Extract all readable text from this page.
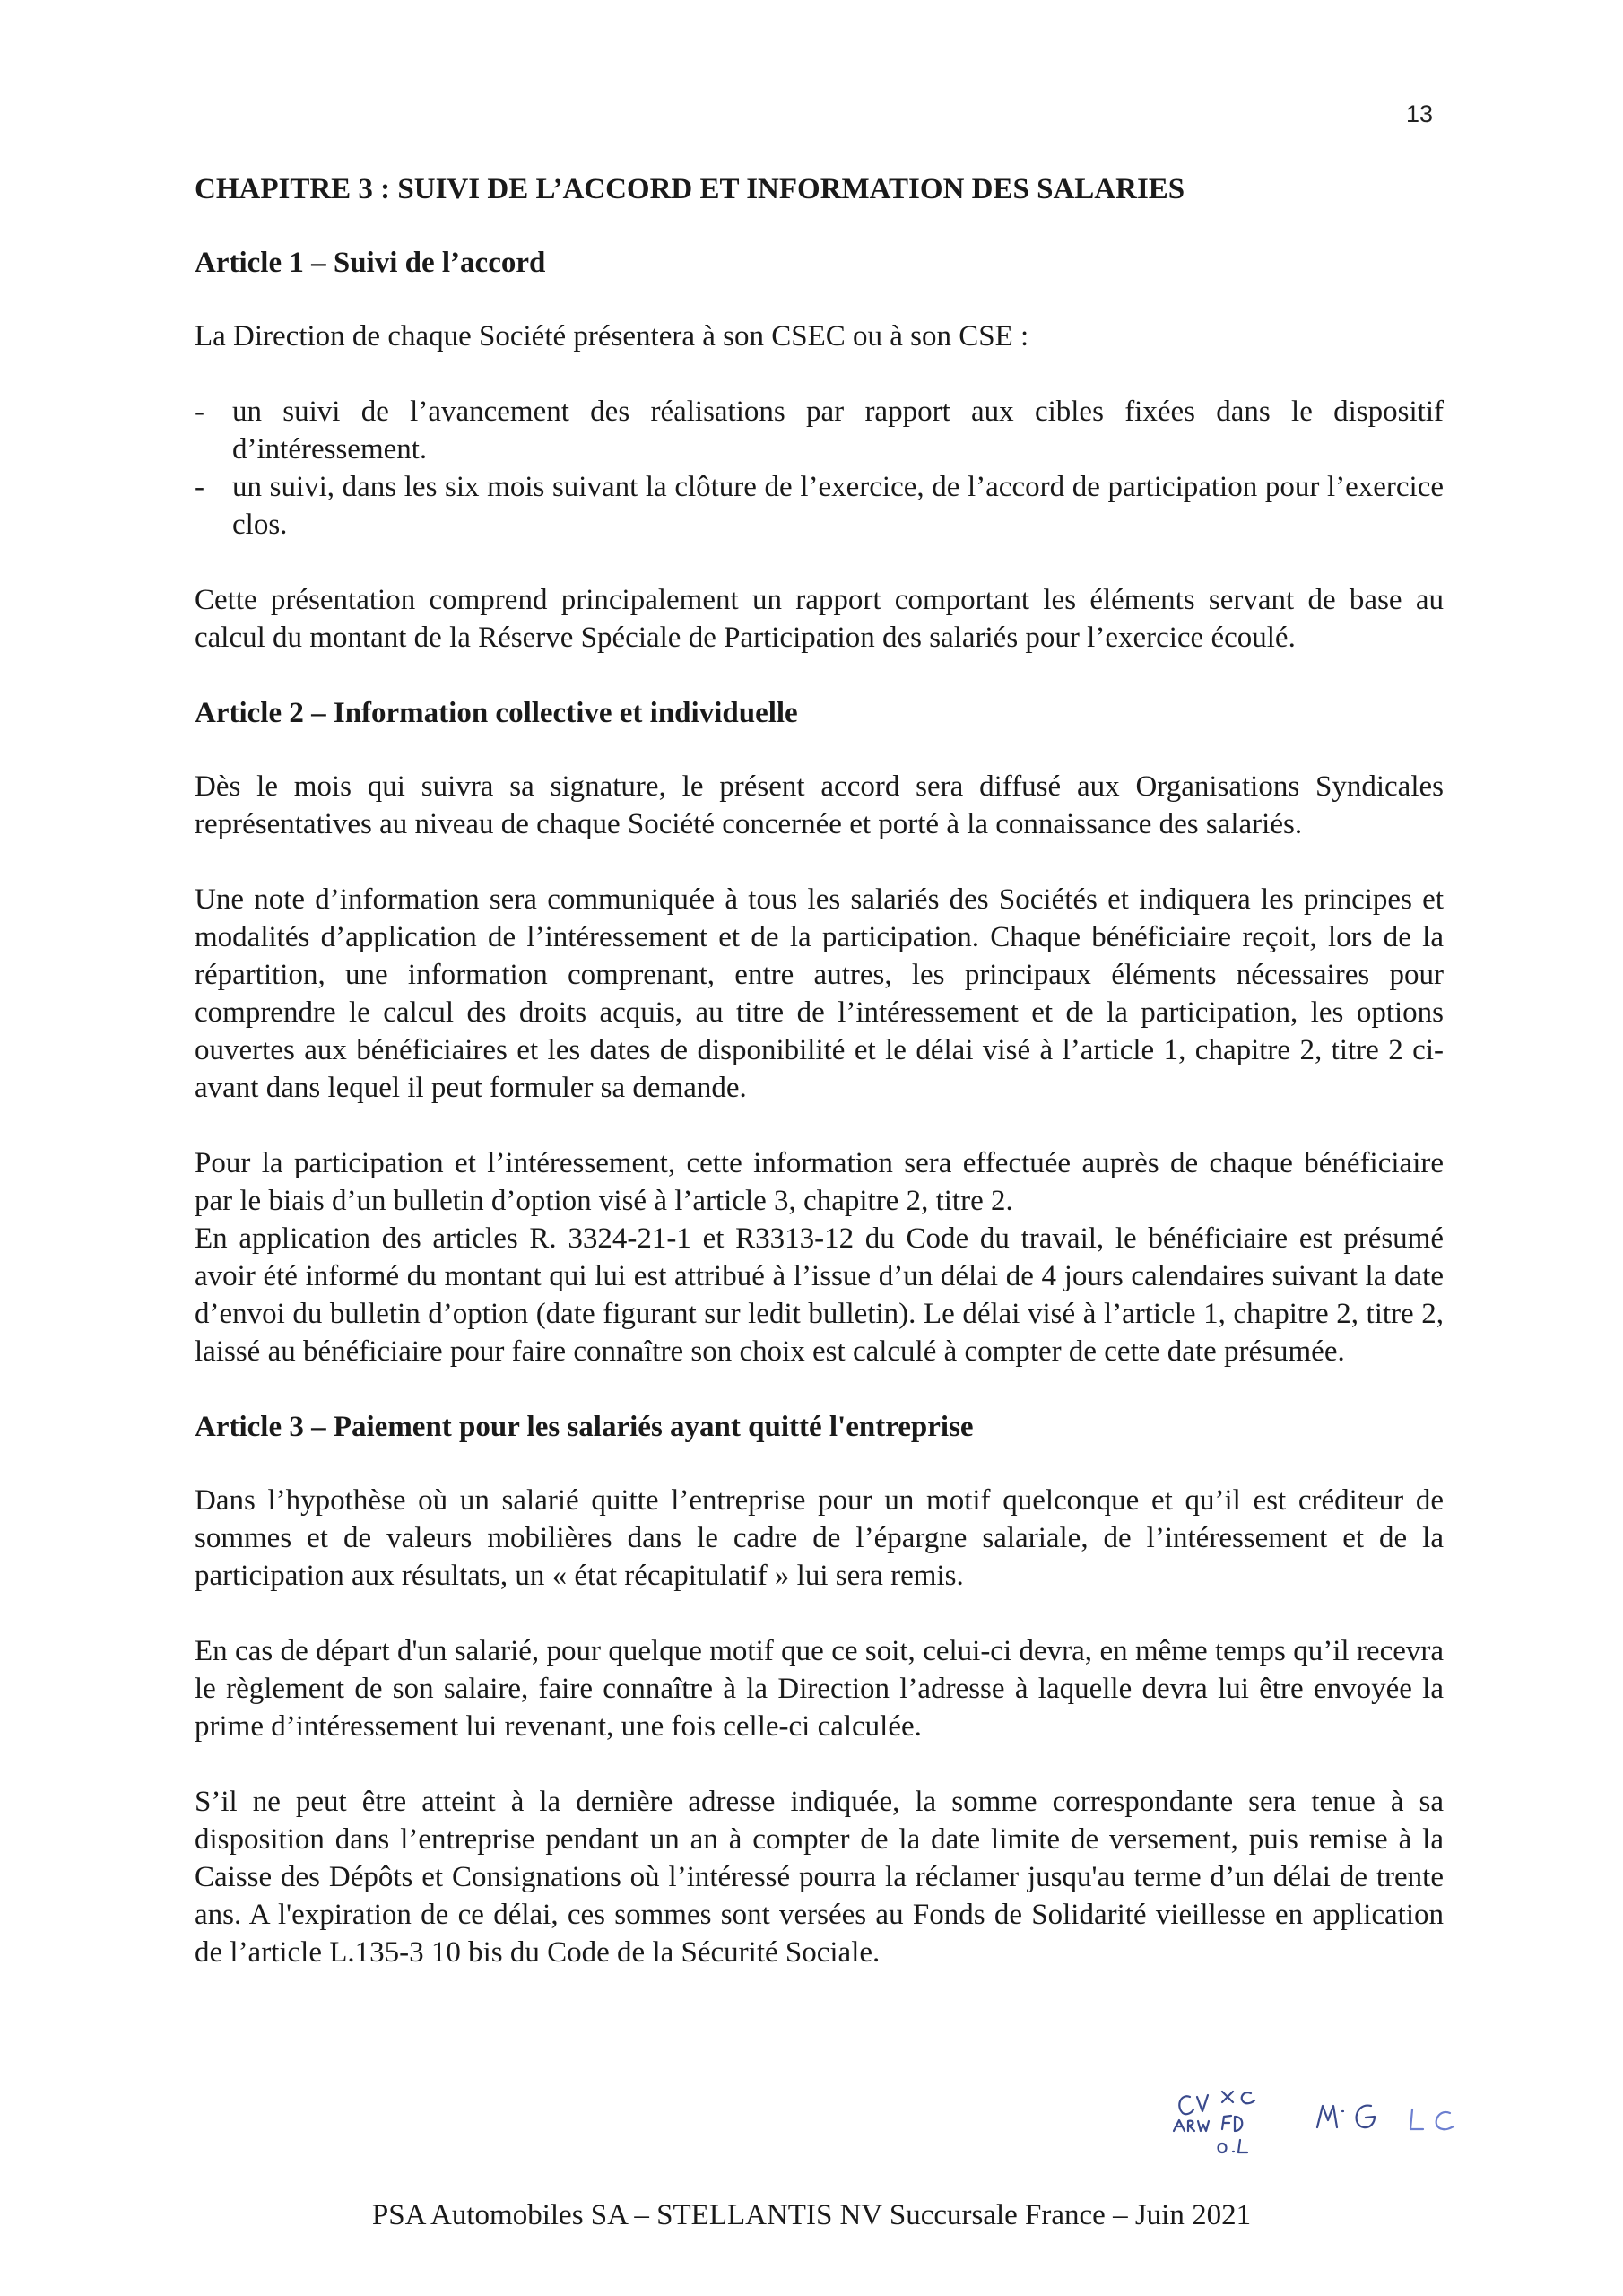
13
CHAPITRE 3 : SUIVI DE L’ACCORD ET INFORMATION DES SALARIES
Article 1 – Suivi de l’accord

La Direction de chaque Société présentera à son CSEC ou à son CSE :

- un suivi de l’avancement des réalisations par rapport aux cibles fixées dans le dispositif d’intéressement.
- un suivi, dans les six mois suivant la clôture de l’exercice, de l’accord de participation pour l’exercice clos.

Cette présentation comprend principalement un rapport comportant les éléments servant de base au calcul du montant de la Réserve Spéciale de Participation des salariés pour l’exercice écoulé.

Article 2 – Information collective et individuelle

Dès le mois qui suivra sa signature, le présent accord sera diffusé aux Organisations Syndicales représentatives au niveau de chaque Société concernée et porté à la connaissance des salariés.

Une note d’information sera communiquée à tous les salariés des Sociétés et indiquera les principes et modalités d’application de l’intéressement et de la participation. Chaque bénéficiaire reçoit, lors de la répartition, une information comprenant, entre autres, les principaux éléments nécessaires pour comprendre le calcul des droits acquis, au titre de l’intéressement et de la participation, les options ouvertes aux bénéficiaires et les dates de disponibilité et le délai visé à l’article 1, chapitre 2, titre 2 ci-avant dans lequel il peut formuler sa demande.

Pour la participation et l’intéressement, cette information sera effectuée auprès de chaque bénéficiaire par le biais d’un bulletin d’option visé à l’article 3, chapitre 2, titre 2.

En application des articles R. 3324-21-1 et R3313-12 du Code du travail, le bénéficiaire est présumé avoir été informé du montant qui lui est attribué à l’issue d’un délai de 4 jours calendaires suivant la date d’envoi du bulletin d’option (date figurant sur ledit bulletin). Le délai visé à l’article 1, chapitre 2, titre 2, laissé au bénéficiaire pour faire connaître son choix est calculé à compter de cette date présumée.

Article 3 – Paiement pour les salariés ayant quitté l'entreprise

Dans l’hypothèse où un salarié quitte l’entreprise pour un motif quelconque et qu’il est créditeur de sommes et de valeurs mobilières dans le cadre de l’épargne salariale, de l’intéressement et de la participation aux résultats, un « état récapitulatif » lui sera remis.

En cas de départ d'un salarié, pour quelque motif que ce soit, celui-ci devra, en même temps qu’il recevra le règlement de son salaire, faire connaître à la Direction l’adresse à laquelle devra lui être envoyée la prime d’intéressement lui revenant, une fois celle-ci calculée.

S’il ne peut être atteint à la dernière adresse indiquée, la somme correspondante sera tenue à sa disposition dans l’entreprise pendant un an à compter de la date limite de versement, puis remise à la Caisse des Dépôts et Consignations où l’intéressé pourra la réclamer jusqu'au terme d’un délai de trente ans. A l'expiration de ce délai, ces sommes sont versées au Fonds de Solidarité vieillesse en application de l’article L.135-3 10 bis du Code de la Sécurité Sociale.

PSA Automobiles SA – STELLANTIS NV Succursale France – Juin 2021
